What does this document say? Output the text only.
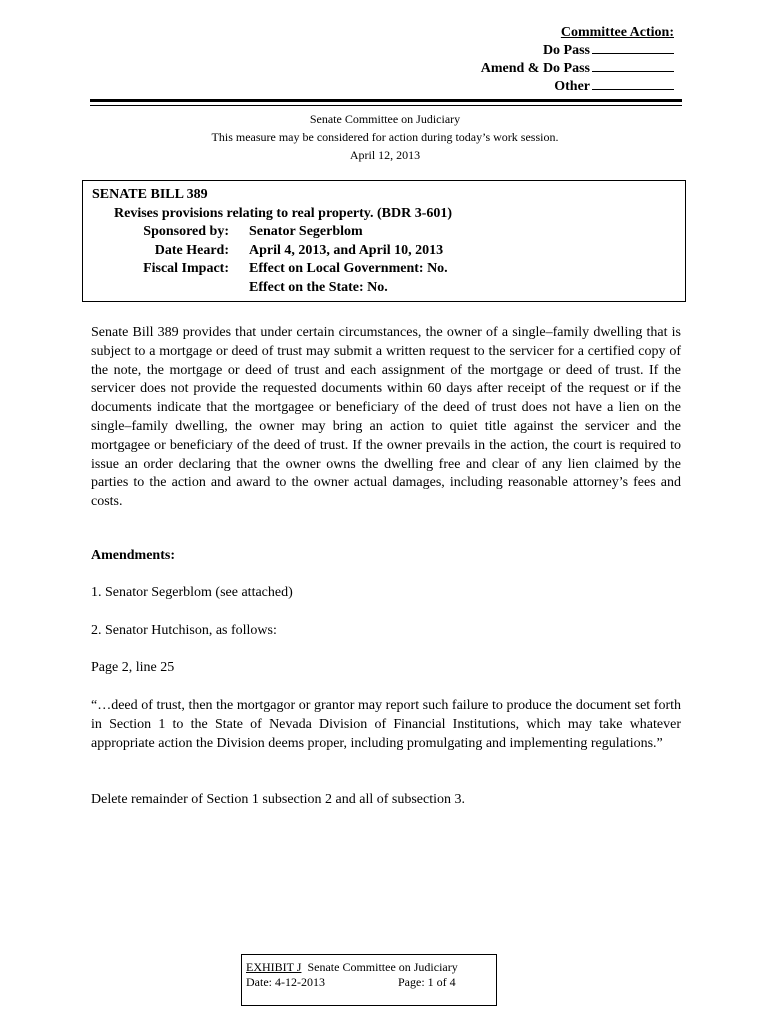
Committee Action:
Do Pass
Amend & Do Pass
Other
Senate Committee on Judiciary
This measure may be considered for action during today’s work session.
April 12, 2013
SENATE BILL 389
Revises provisions relating to real property. (BDR 3-601)
Sponsored by: Senator Segerblom
Date Heard: April 4, 2013, and April 10, 2013
Fiscal Impact: Effect on Local Government: No.
Effect on the State: No.
Senate Bill 389 provides that under certain circumstances, the owner of a single–family dwelling that is subject to a mortgage or deed of trust may submit a written request to the servicer for a certified copy of the note, the mortgage or deed of trust and each assignment of the mortgage or deed of trust. If the servicer does not provide the requested documents within 60 days after receipt of the request or if the documents indicate that the mortgagee or beneficiary of the deed of trust does not have a lien on the single–family dwelling, the owner may bring an action to quiet title against the servicer and the mortgagee or beneficiary of the deed of trust. If the owner prevails in the action, the court is required to issue an order declaring that the owner owns the dwelling free and clear of any lien claimed by the parties to the action and award to the owner actual damages, including reasonable attorney’s fees and costs.
Amendments:
1. Senator Segerblom (see attached)
2. Senator Hutchison, as follows:
Page 2, line 25
“…deed of trust, then the mortgagor or grantor may report such failure to produce the document set forth in Section 1 to the State of Nevada Division of Financial Institutions, which may take whatever appropriate action the Division deems proper, including promulgating and implementing regulations.”
Delete remainder of Section 1 subsection 2 and all of subsection 3.
EXHIBIT J Senate Committee on Judiciary
Date: 4-12-2013	Page: 1 of 4
